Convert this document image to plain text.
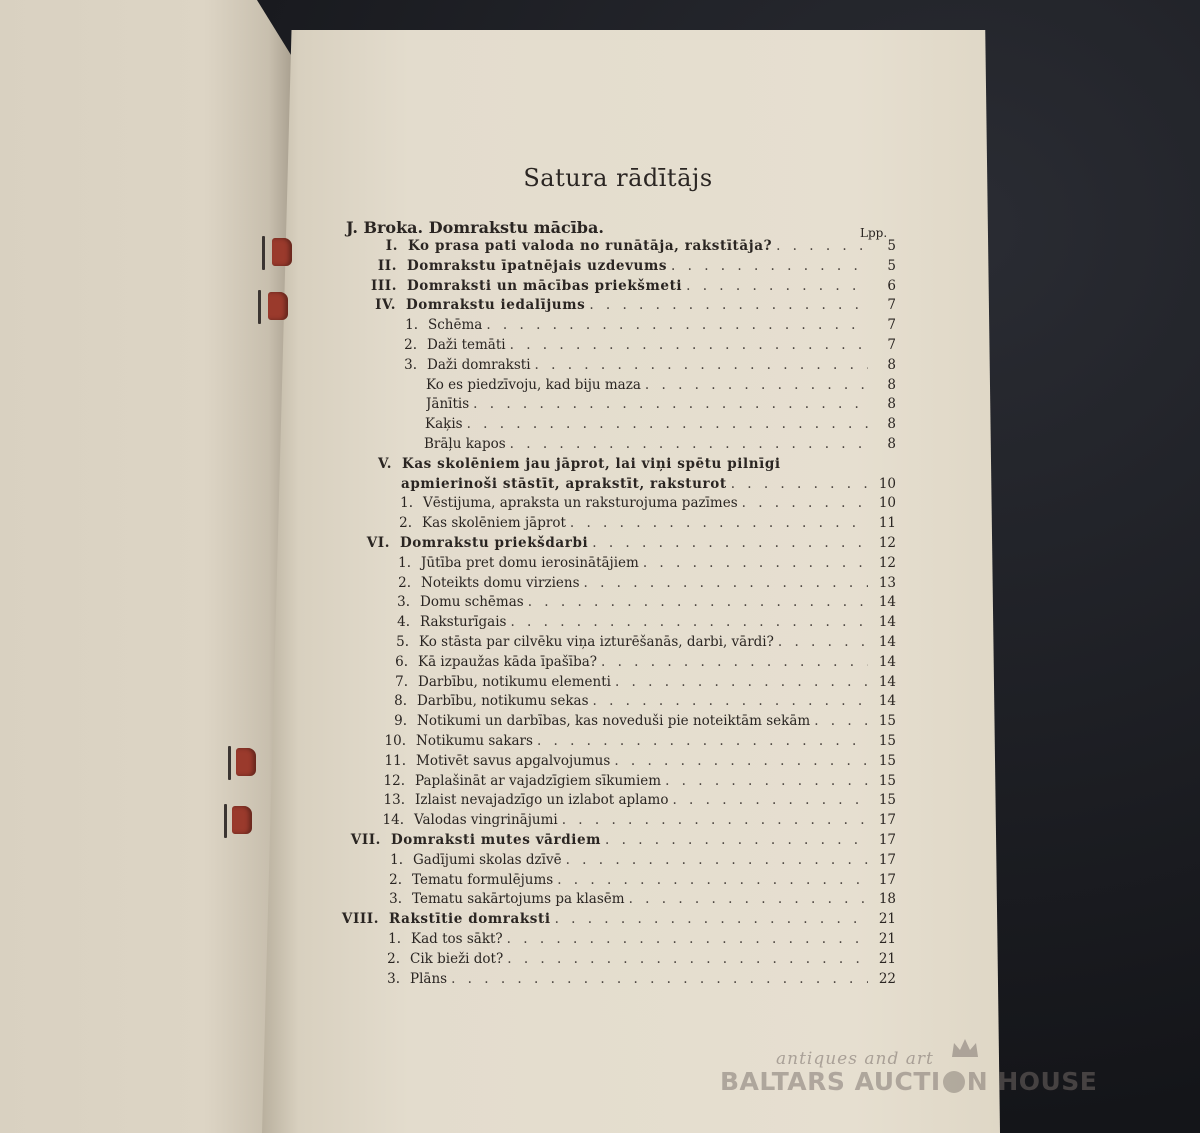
Satura rādītājs
J. Broka. Domrakstu mācība.	Lpp.
I. Ko prasa pati valoda no runātāja, rakstītāja? . . .	5
II. Domrakstu īpatnējais uzdevums . . .	5
III. Domraksti un mācības priekšmeti . . .	6
IV. Domrakstu iedalījums . . .	7
1. Schēma . . .	7
2. Daži temāti . . .	7
3. Daži domraksti . . .	8
Ko es piedzīvoju, kad biju maza . . .	8
Jānītis . . .	8
Kaķis . . .	8
Brāļu kapos . . .	8
V. Kas skolēniem jau jāprot, lai viņi spētu pilnīgi
apmierinoši stāstīt, aprakstīt, raksturot . . .	10
1. Vēstijuma, apraksta un raksturojuma pazīmes . . .	10
2. Kas skolēniem jāprot . . .	11
VI. Domrakstu priekšdarbi . . .	12
1. Jūtība pret domu ierosinātājiem . . .	12
2. Noteikts domu virziens . . .	13
3. Domu schēmas . . .	14
4. Raksturīgais . . .	14
5. Ko stāsta par cilvēku viņa izturēšanās, darbi, vārdi? . . .	14
6. Kā izpaužas kāda īpašība? . . .	14
7. Darbību, notikumu elementi . . .	14
8. Darbību, notikumu sekas . . .	14
9. Notikumi un darbības, kas noveduši pie noteiktām sekām . . .	15
10. Notikumu sakars . . .	15
11. Motivēt savus apgalvojumus . . .	15
12. Paplašināt ar vajadzīgiem sīkumiem . . .	15
13. Izlaist nevajadzīgo un izlabot aplamo . . .	15
14. Valodas vingrinājumi . . .	17
VII. Domraksti mutes vārdiem . . .	17
1. Gadījumi skolas dzīvē . . .	17
2. Tematu formulējums . . .	17
3. Tematu sakārtojums pa klasēm . . .	18
VIII. Rakstītie domraksti . . .	21
1. Kad tos sākt? . . .	21
2. Cik bieži dot? . . .	21
3. Plāns . . .	22
antiques and art
BALTARS AUCTI N HOUSE
